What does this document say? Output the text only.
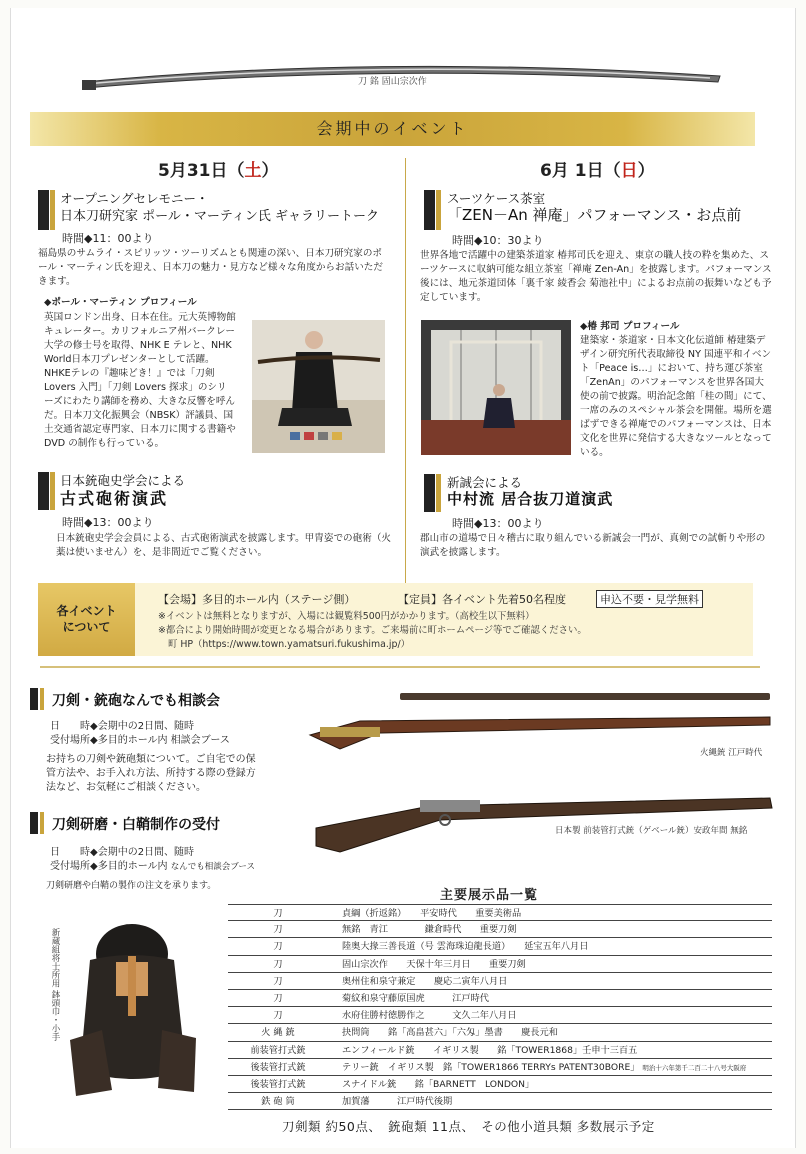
刀 銘 固山宗次作
会期中のイベント
5月31日（土）	6月 1日（日）
オープニングセレモニー・
日本刀研究家 ポール・マーティン氏 ギャラリートーク
時間◆11：00より
福島県のサムライ・スピリッツ・ツーリズムとも関連の深い、日本刀研究家のポール・マーティン氏を迎え、日本刀の魅力・見方など様々な角度からお話いただきます。
◆ポール・マーティン プロフィール
英国ロンドン出身、日本在住。元大英博物館キュレーター。カリフォルニア州バークレー大学の修士号を取得、NHK E テレと、NHK World日本刀プレゼンターとして活躍。NHKEテレの『趣味どき！』では「刀剣Lovers 入門」「刀剣 Lovers 探求」のシリーズにわたり講師を務め、大きな反響を呼んだ。日本刀文化振興会（NBSK）評議員、国土交通省認定専門家、日本刀に関する書籍や DVD の制作も行っている。
日本銃砲史学会による
古式砲術演武
時間◆13：00より
日本銃砲史学会会員による、古式砲術演武を披露します。甲冑姿での砲術（火薬は使いません）を、是非間近でご覧ください。
スーツケース茶室
「ZEN－An 禅庵」パフォーマンス・お点前
時間◆10：30より
世界各地で活躍中の建築茶道家 椿邦司氏を迎え、東京の職人技の粋を集めた、スーツケースに収納可能な組立茶室「禅庵 Zen-An」を披露します。パフォーマンス後には、地元茶道団体「裏千家 綾香会 菊池社中」によるお点前の振舞いなども予定しています。
◆椿 邦司 プロフィール
建築家・茶道家・日本文化伝道師 椿建築デザイン研究所代表取締役 NY 国連平和イベント「Peace is…」において、持ち運び茶室「ZenAn」のパフォーマンスを世界各国大使の前で披露。明治記念館「桂の間」にて、一席のみのスペシャル茶会を開催。場所を選ばずできる禅庵でのパフォーマンスは、日本文化を世界に発信する大きなツールとなっている。
新誠会による
中村流 居合抜刀道演武
時間◆13：00より
郡山市の道場で日々稽古に取り組んでいる新誠会一門が、真剣での試斬りや形の演武を披露します。
各イベント
について
【会場】多目的ホール内（ステージ側）	【定員】各イベント先着50名程度	申込不要・見学無料
※イベントは無料となりますが、入場には観覧料500円がかかります。（高校生以下無料）
※都合により開始時間が変更となる場合があります。ご来場前に町ホームページ等でご確認ください。
町 HP（https://www.town.yamatsuri.fukushima.jp/）
刀剣・銃砲なんでも相談会
日　　時◆会期中の2日間、随時
受付場所◆多目的ホール内 相談会ブース
お持ちの刀剣や銃砲類について。ご自宅での保
管方法や、お手入れ方法、所持する際の登録方
法など、お気軽にご相談ください。
刀剣研磨・白鞘制作の受付
日　　時◆会期中の2日間、随時
受付場所◆多目的ホール内 なんでも相談会ブース
刀剣研磨や白鞘の製作の注文を承ります。
火縄銃 江戸時代
日本製 前装管打式銃（ゲベール銃）安政年間 無銘
新蔵組将士所用 鉢頭巾・小手
主要展示品一覧
刀	貞綱（折返銘）　　平安時代　　重要美術品
刀	無銘　青江　　　　鎌倉時代　　重要刀剣
刀	陸奥大掾三善長道（号 雲海珠迫龍長道）　　延宝五年八月日
刀	固山宗次作　　天保十年三月日　　重要刀剣
刀	奥州住和泉守兼定　　慶応二寅年八月日
刀	菊紋和泉守藤原国虎　　　江戸時代
刀	水府住勝村徳勝作之　　　文久二年八月日
火 縄 銃	抉問筒　　銘「高畠甚六」「六匁」墨書　　慶長元和
前装管打式銃	エンフィールド銃　　イギリス製　　銘「TOWER1868」壬申十三百五
後装管打式銃	テリー銃　イギリス製　銘「TOWER1866 TERRYs PATENT30BORE」 明治十六年第千二百二十八号大阪府
後装管打式銃	スナイドル銃　　銘「BARNETT　LONDON」
鉄 砲 筒	加賀藩　　　江戸時代後期
刀剣類 約50点、　銃砲類 11点、　その他小道具類 多数展示予定
